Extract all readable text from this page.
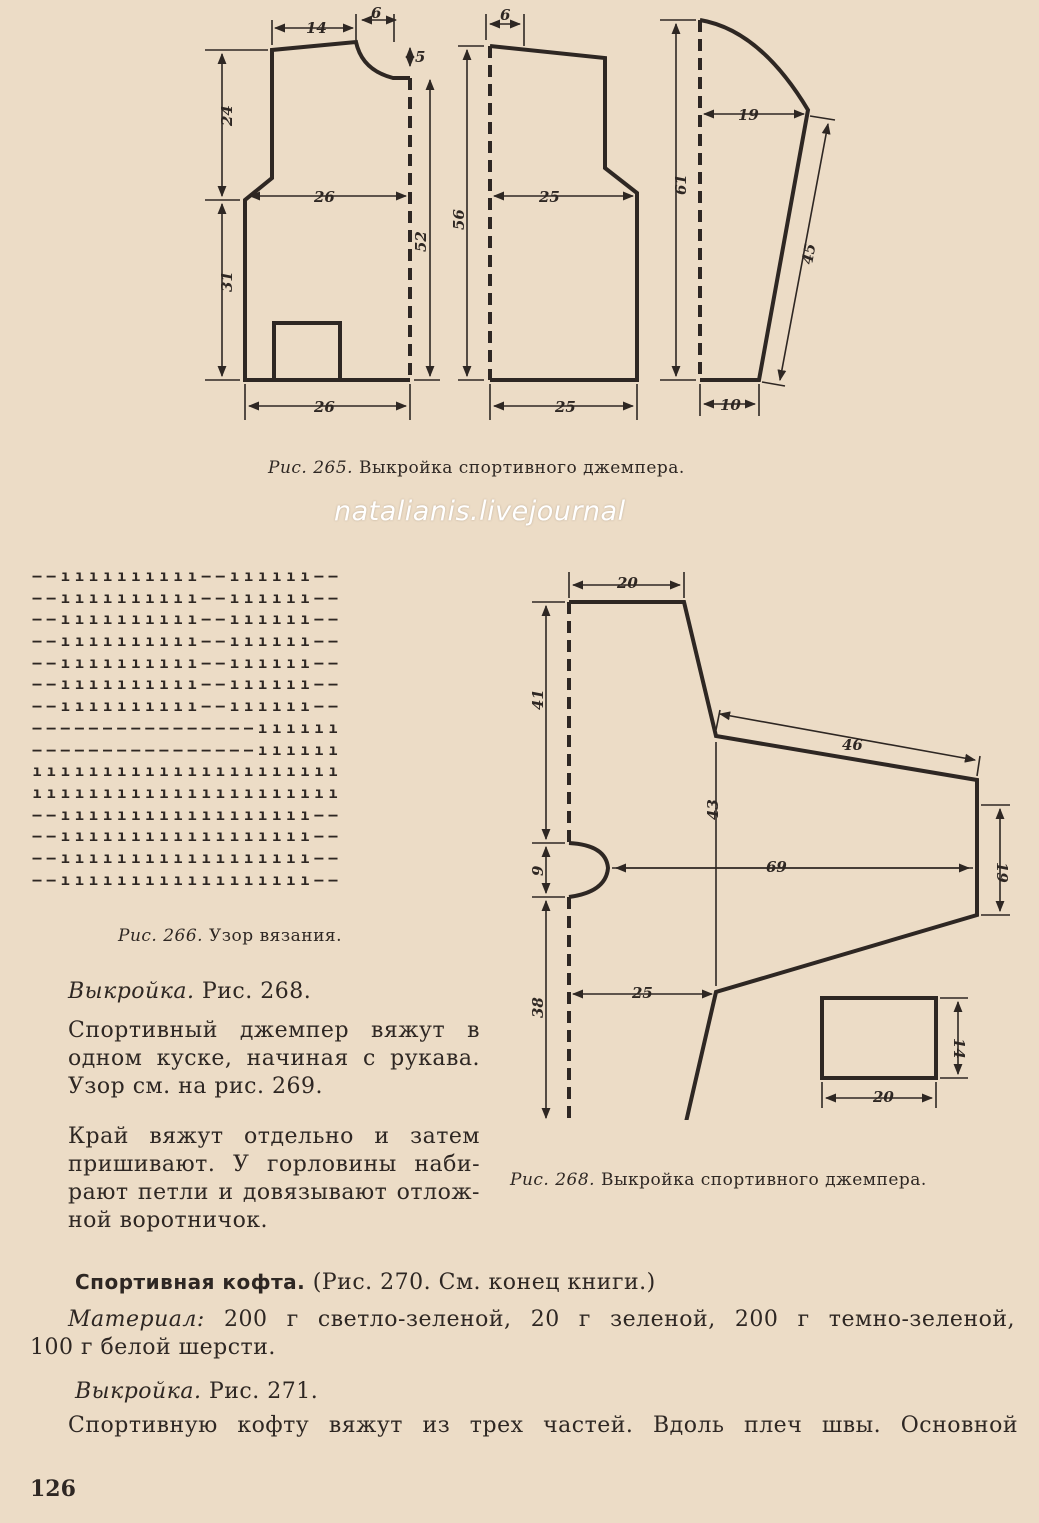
14
6
5
24
26
31
52
26
6
56
25
25
61
19
45
10
Рис. 265. Выкройка спортивного джемпера.
natalianis.livejournal
– – ı ı ı ı ı ı ı ı ı ı – – ı ı ı ı ı ı – –
– – ı ı ı ı ı ı ı ı ı ı – – ı ı ı ı ı ı – –
– – ı ı ı ı ı ı ı ı ı ı – – ı ı ı ı ı ı – –
– – ı ı ı ı ı ı ı ı ı ı – – ı ı ı ı ı ı – –
– – ı ı ı ı ı ı ı ı ı ı – – ı ı ı ı ı ı – –
– – ı ı ı ı ı ı ı ı ı ı – – ı ı ı ı ı ı – –
– – ı ı ı ı ı ı ı ı ı ı – – ı ı ı ı ı ı – –
– – – – – – – – – – – – – – – – ı ı ı ı ı ı
– – – – – – – – – – – – – – – – ı ı ı ı ı ı
ı ı ı ı ı ı ı ı ı ı ı ı ı ı ı ı ı ı ı ı ı ı
ı ı ı ı ı ı ı ı ı ı ı ı ı ı ı ı ı ı ı ı ı ı
– – ı ı ı ı ı ı ı ı ı ı ı ı ı ı ı ı ı ı – –
– – ı ı ı ı ı ı ı ı ı ı ı ı ı ı ı ı ı ı – –
– – ı ı ı ı ı ı ı ı ı ı ı ı ı ı ı ı ı ı – –
– – ı ı ı ı ı ı ı ı ı ı ı ı ı ı ı ı ı ı – –
Рис. 266. Узор вязания.
20
41
46
43
9	69	19
25
38
14
20
Рис. 268. Выкройка спортивного джемпера.
Выкройка. Рис. 268.
Спортивный джемпер вяжут в
одном куске, начиная с рукава.
Узор см. на рис. 269.
Край вяжут отдельно и затем
пришивают. У горловины наби-
рают петли и довязывают отлож-
ной воротничок.
Спортивная кофта. (Рис. 270. См. конец книги.)
Материал: 200 г светло-зеленой, 20 г зеленой, 200 г темно-зеленой,
100 г белой шерсти.
Выкройка. Рис. 271.
Спортивную кофту вяжут из трех частей. Вдоль плеч швы. Основной
126
